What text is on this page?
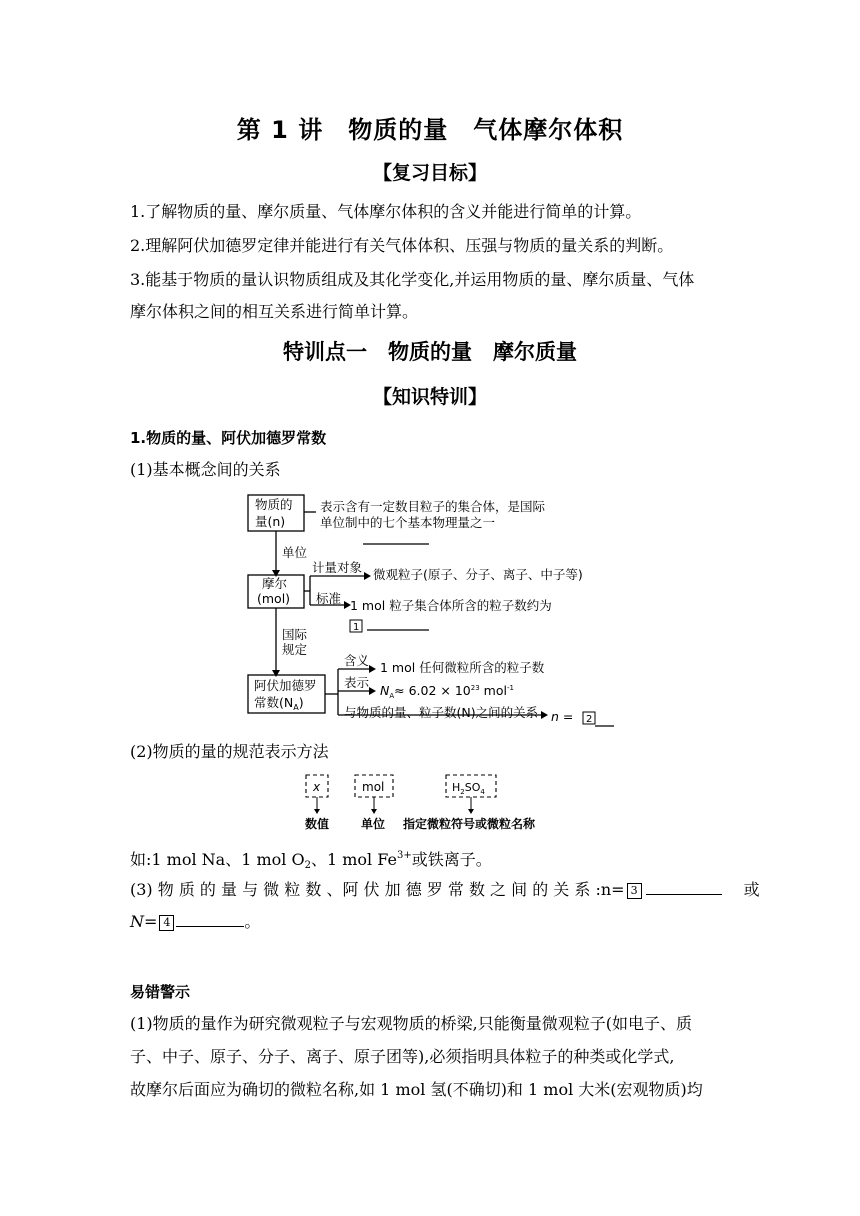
第 1 讲　物质的量　气体摩尔体积
【复习目标】
1.了解物质的量、摩尔质量、气体摩尔体积的含义并能进行简单的计算。
2.理解阿伏加德罗定律并能进行有关气体体积、压强与物质的量关系的判断。
3.能基于物质的量认识物质组成及其化学变化,并运用物质的量、摩尔质量、气体
摩尔体积之间的相互关系进行简单计算。
特训点一　物质的量　摩尔质量
【知识特训】
1.物质的量、阿伏加德罗常数
(1)基本概念间的关系
物质的
量(n)
表示含有一定数目粒子的集合体，是国际
单位制中的七个基本物理量之一
单位
摩尔
(mol)
计量对象 微观粒子(原子、分子、离子、中子等)
标准 1 mol 粒子集合体所含的粒子数约为
国际
规定
阿伏加德罗
常数$(N_A)$
含义 1 mol 任何微粒所含的粒子数
表示
$N_A\approx 6.02 \times 10^{23}$ mol$^{-1}$
与物质的量、粒子数(N)之间的关系 n =
1
2
(2)物质的量的规范表示方法
x	mol	$H_2SO_4$
数值	单位 指定微粒符号或微粒名称
如:1 mol Na、1 mol $O_2$、1 mol $Fe^{3+}$或铁离子。
(3) 物 质 的 量 与 微 粒 数 、阿 伏 加 德 罗 常 数 之 间 的 关 系 :n= 3	或
N= 4	。
易错警示
(1)物质的量作为研究微观粒子与宏观物质的桥梁,只能衡量微观粒子(如电子、质
子、中子、原子、分子、离子、原子团等),必须指明具体粒子的种类或化学式,
故摩尔后面应为确切的微粒名称,如 1 mol 氢(不确切)和 1 mol 大米(宏观物质)均
